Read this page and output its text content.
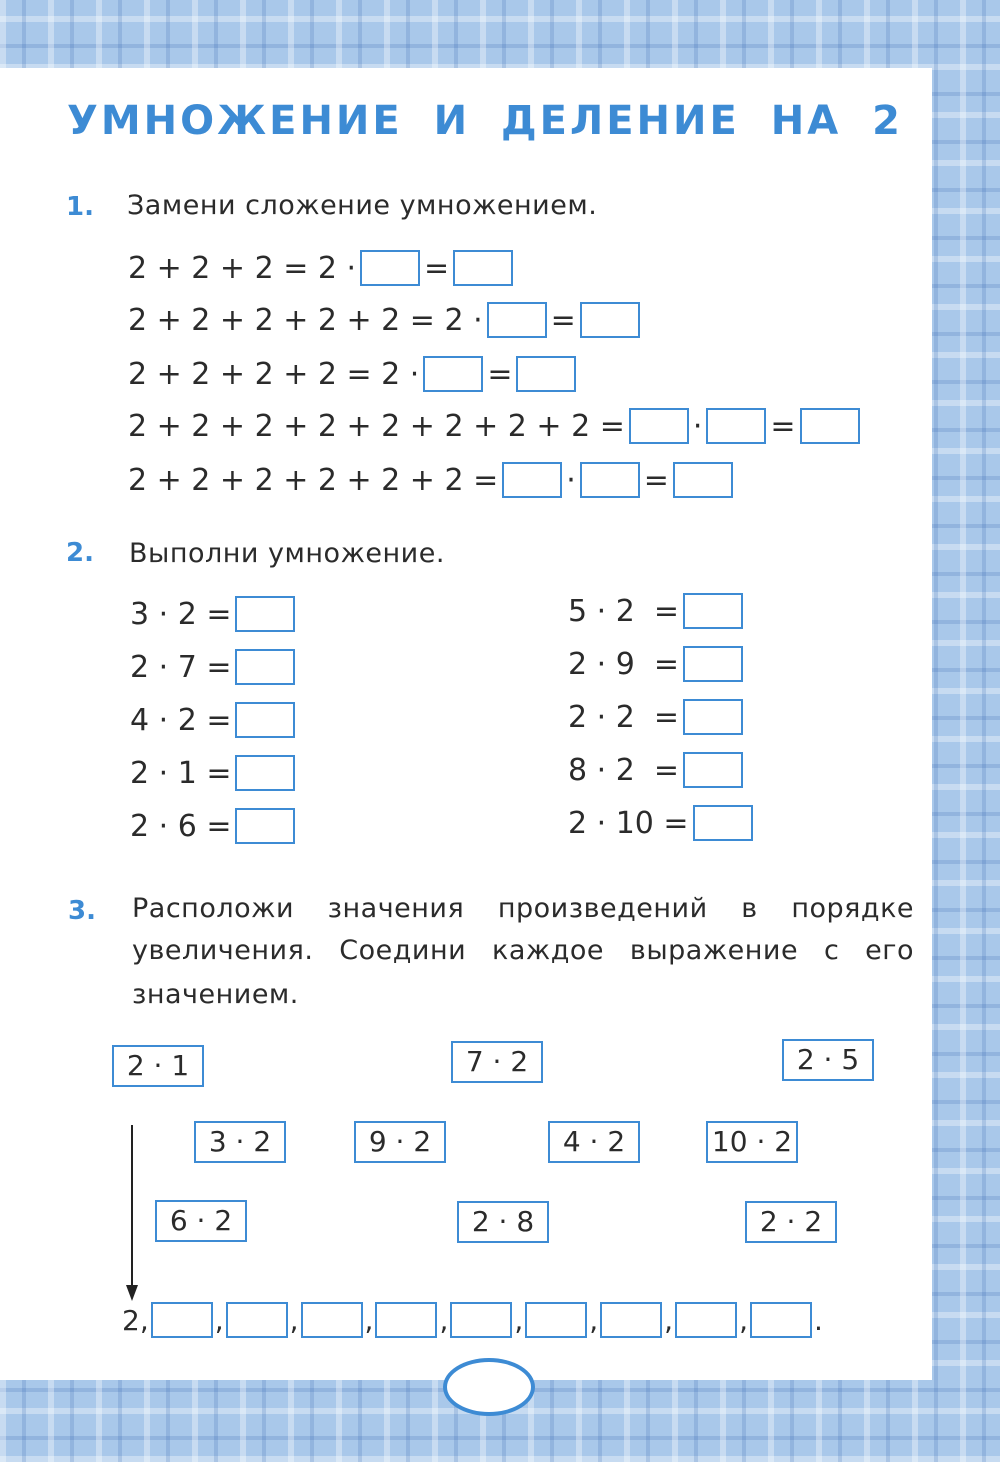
УМНОЖЕНИЕ И ДЕЛЕНИЕ НА 2
1. Замени сложение умножением.
2 + 2 + 2 = 2 · =
2 + 2 + 2 + 2 + 2 = 2 · =
2 + 2 + 2 + 2 = 2 · =
2 + 2 + 2 + 2 + 2 + 2 + 2 + 2 = · =
2 + 2 + 2 + 2 + 2 + 2 = · =
2. Выполни умножение.
3 · 2 =
2 · 7 =
4 · 2 =
2 · 1 =
2 · 6 =
5 · 2  =
2 · 9  =
2 · 2  =
8 · 2  =
2 · 10 =
3. Расположи значения произведений в порядке
увеличения. Соедини каждое выражение с его
значением.
2 · 1	7 · 2	2 · 5
3 · 2	9 · 2	4 · 2	10 · 2
6 · 2	2 · 8	2 · 2
2, , , , , , , , , .
